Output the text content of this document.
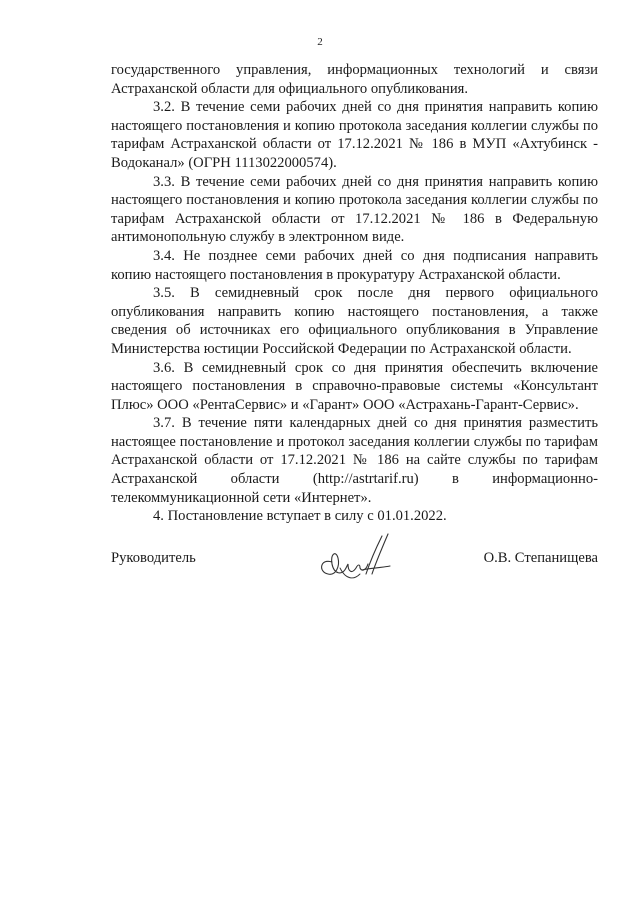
2

государственного управления, информационных технологий и связи Астраханской области для официального опубликования.

3.2. В течение семи рабочих дней со дня принятия направить копию настоящего постановления и копию протокола заседания коллегии службы по тарифам Астраханской области от 17.12.2021 № 186 в МУП «Ахтубинск - Водоканал» (ОГРН 1113022000574).

3.3. В течение семи рабочих дней со дня принятия направить копию настоящего постановления и копию протокола заседания коллегии службы по тарифам Астраханской области от 17.12.2021 № 186 в Федеральную антимонопольную службу в электронном виде.

3.4. Не позднее семи рабочих дней со дня подписания направить копию настоящего постановления в прокуратуру Астраханской области.

3.5. В семидневный срок после дня первого официального опубликования направить копию настоящего постановления, а также сведения об источниках его официального опубликования в Управление Министерства юстиции Российской Федерации по Астраханской области.

3.6. В семидневный срок со дня принятия обеспечить включение настоящего постановления в справочно-правовые системы «Консультант Плюс» ООО «РентаСервис» и «Гарант» ООО «Астрахань-Гарант-Сервис».

3.7. В течение пяти календарных дней со дня принятия разместить настоящее постановление и протокол заседания коллегии службы по тарифам Астраханской области от 17.12.2021 № 186 на сайте службы по тарифам Астраханской области (http://astrtarif.ru) в информационно-телекоммуникационной сети «Интернет».

4. Постановление вступает в силу с 01.01.2022.

Руководитель	О.В. Степанищева
